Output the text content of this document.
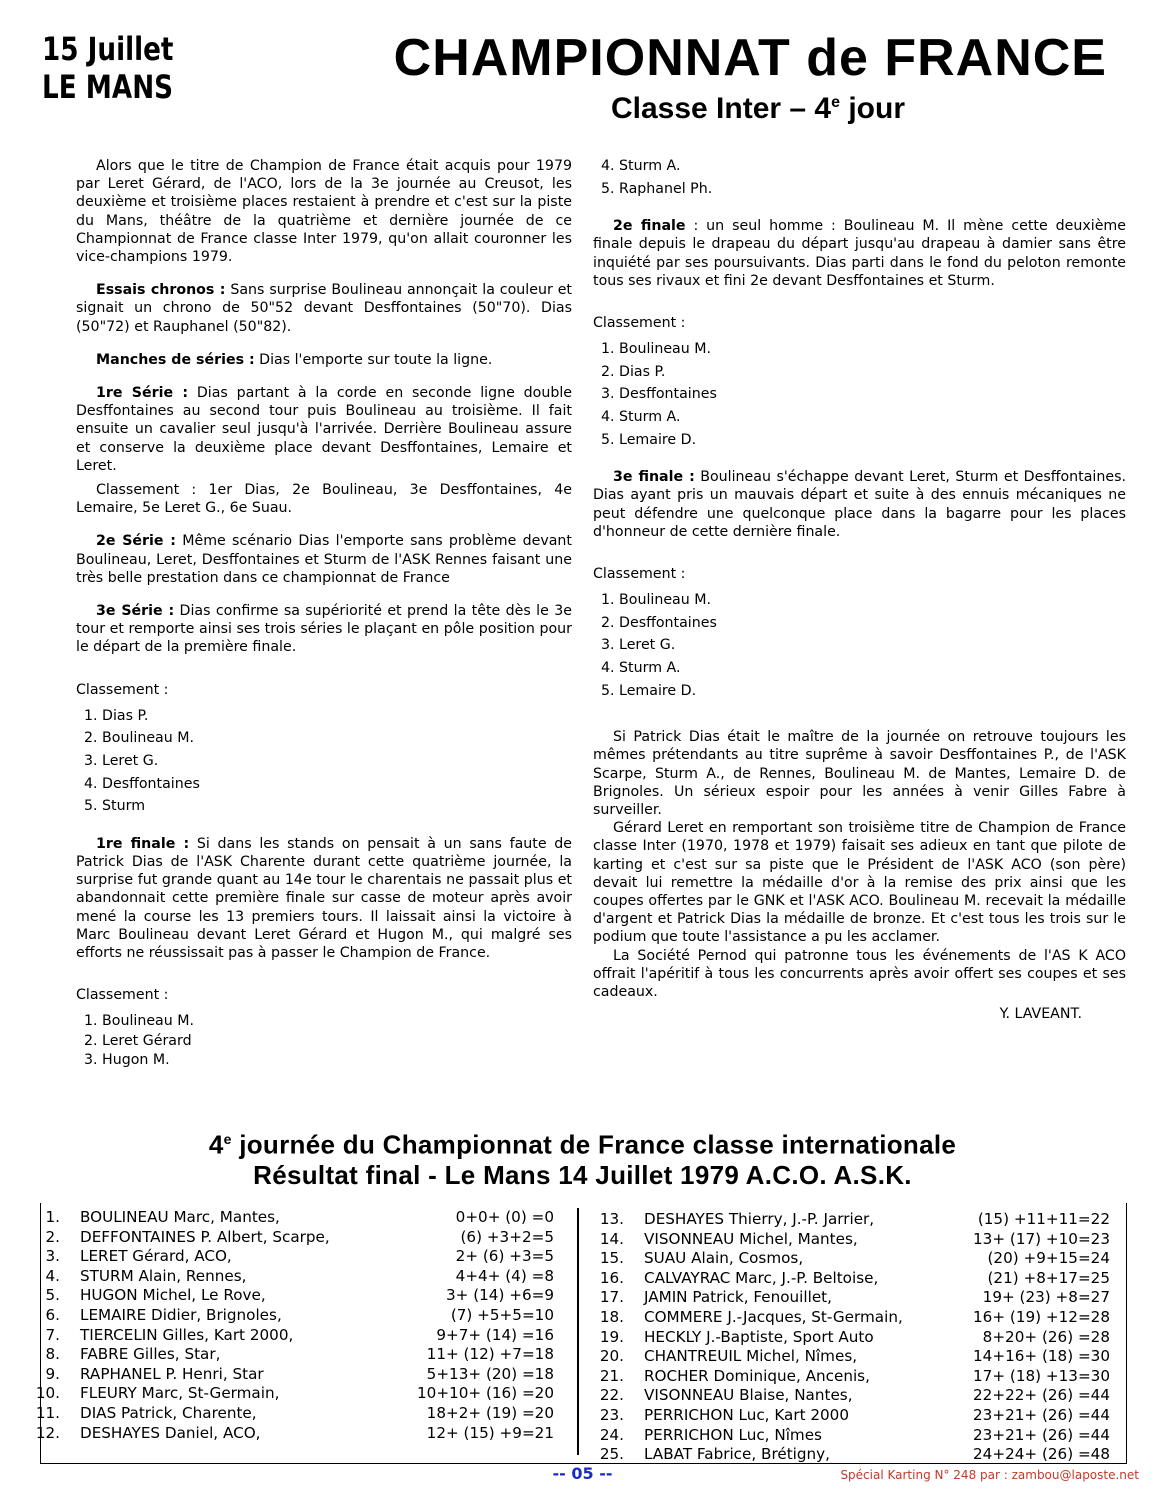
15 Juillet
LE MANS	CHAMPIONNAT de FRANCE
Classe Inter – 4e jour

Alors que le titre de Champion de France était acquis pour 1979 par Leret Gérard, de l'ACO, lors de la 3e journée au Creusot, les deuxième et troisième places restaient à prendre et c'est sur la piste du Mans, théâtre de la quatrième et dernière journée de ce Championnat de France classe Inter 1979, qu'on allait couronner les vice-champions 1979.

Essais chronos : Sans surprise Boulineau annonçait la couleur et signait un chrono de 50"52 devant Desffontaines (50"70). Dias (50"72) et Rauphanel (50"82).

Manches de séries : Dias l'emporte sur toute la ligne.

1re Série : Dias partant à la corde en seconde ligne double Desffontaines au second tour puis Boulineau au troisième. Il fait ensuite un cavalier seul jusqu'à l'arrivée. Derrière Boulineau assure et conserve la deuxième place devant Desffontaines, Lemaire et Leret.

Classement : 1er Dias, 2e Boulineau, 3e Desffontaines, 4e Lemaire, 5e Leret G., 6e Suau.

2e Série : Même scénario Dias l'emporte sans problème devant Boulineau, Leret, Desffontaines et Sturm de l'ASK Rennes faisant une très belle prestation dans ce championnat de France

3e Série : Dias confirme sa supériorité et prend la tête dès le 3e tour et remporte ainsi ses trois séries le plaçant en pôle position pour le départ de la première finale.

Classement :

1. Dias P.
2. Boulineau M.
3. Leret G.
4. Desffontaines
5. Sturm

1re finale : Si dans les stands on pensait à un sans faute de Patrick Dias de l'ASK Charente durant cette quatrième journée, la surprise fut grande quant au 14e tour le charentais ne passait plus et abandonnait cette première finale sur casse de moteur après avoir mené la course les 13 premiers tours. Il laissait ainsi la victoire à Marc Boulineau devant Leret Gérard et Hugon M., qui malgré ses efforts ne réussissait pas à passer le Champion de France.

Classement :

1. Boulineau M.
2. Leret Gérard
3. Hugon M.
4. Sturm A.
5. Raphanel Ph.

2e finale : un seul homme : Boulineau M. Il mène cette deuxième finale depuis le drapeau du départ jusqu'au drapeau à damier sans être inquiété par ses poursuivants. Dias parti dans le fond du peloton remonte tous ses rivaux et fini 2e devant Desffontaines et Sturm.

Classement :

1. Boulineau M.
2. Dias P.
3. Desffontaines
4. Sturm A.
5. Lemaire D.

3e finale : Boulineau s'échappe devant Leret, Sturm et Desffontaines. Dias ayant pris un mauvais départ et suite à des ennuis mécaniques ne peut défendre une quelconque place dans la bagarre pour les places d'honneur de cette dernière finale.

Classement :

1. Boulineau M.
2. Desffontaines
3. Leret G.
4. Sturm A.
5. Lemaire D.

Si Patrick Dias était le maître de la journée on retrouve toujours les mêmes prétendants au titre suprême à savoir Desffontaines P., de l'ASK Scarpe, Sturm A., de Rennes, Boulineau M. de Mantes, Lemaire D. de Brignoles. Un sérieux espoir pour les années à venir Gilles Fabre à surveiller.

Gérard Leret en remportant son troisième titre de Champion de France classe Inter (1970, 1978 et 1979) faisait ses adieux en tant que pilote de karting et c'est sur sa piste que le Président de l'ASK ACO (son père) devait lui remettre la médaille d'or à la remise des prix ainsi que les coupes offertes par le GNK et l'ASK ACO. Boulineau M. recevait la médaille d'argent et Patrick Dias la médaille de bronze. Et c'est tous les trois sur le podium que toute l'assistance a pu les acclamer.

La Société Pernod qui patronne tous les événements de l'AS K ACO offrait l'apéritif à tous les concurrents après avoir offert ses coupes et ses cadeaux.

Y. LAVEANT.
4e journée du Championnat de France classe internationale
Résultat final - Le Mans 14 Juillet 1979 A.C.O. A.S.K.
1. BOULINEAU Marc, Mantes,	0+0+ (0) =0
2. DEFFONTAINES P. Albert, Scarpe,	(6) +3+2=5
3. LERET Gérard, ACO,	2+ (6) +3=5
4. STURM Alain, Rennes,	4+4+ (4) =8
5. HUGON Michel, Le Rove,	3+ (14) +6=9
6. LEMAIRE Didier, Brignoles,	(7) +5+5=10
7. TIERCELIN Gilles, Kart 2000,	9+7+ (14) =16
8. FABRE Gilles, Star,	11+ (12) +7=18
9. RAPHANEL P. Henri, Star	5+13+ (20) =18
10. FLEURY Marc, St-Germain,	10+10+ (16) =20
11. DIAS Patrick, Charente,	18+2+ (19) =20
12. DESHAYES Daniel, ACO,	12+ (15) +9=21
13. DESHAYES Thierry, J.-P. Jarrier,	(15) +11+11=22
14. VISONNEAU Michel, Mantes,	13+ (17) +10=23
15. SUAU Alain, Cosmos,	(20) +9+15=24
16. CALVAYRAC Marc, J.-P. Beltoise,	(21) +8+17=25
17. JAMIN Patrick, Fenouillet,	19+ (23) +8=27
18. COMMERE J.-Jacques, St-Germain,	16+ (19) +12=28
19. HECKLY J.-Baptiste, Sport Auto	8+20+ (26) =28
20. CHANTREUIL Michel, Nîmes,	14+16+ (18) =30
21. ROCHER Dominique, Ancenis,	17+ (18) +13=30
22. VISONNEAU Blaise, Nantes,	22+22+ (26) =44
23. PERRICHON Luc, Kart 2000	23+21+ (26) =44
24. PERRICHON Luc, Nîmes	23+21+ (26) =44
25. LABAT Fabrice, Brétigny,	24+24+ (26) =48
-- 05 --	Spécial Karting N° 248 par : zambou@laposte.net
